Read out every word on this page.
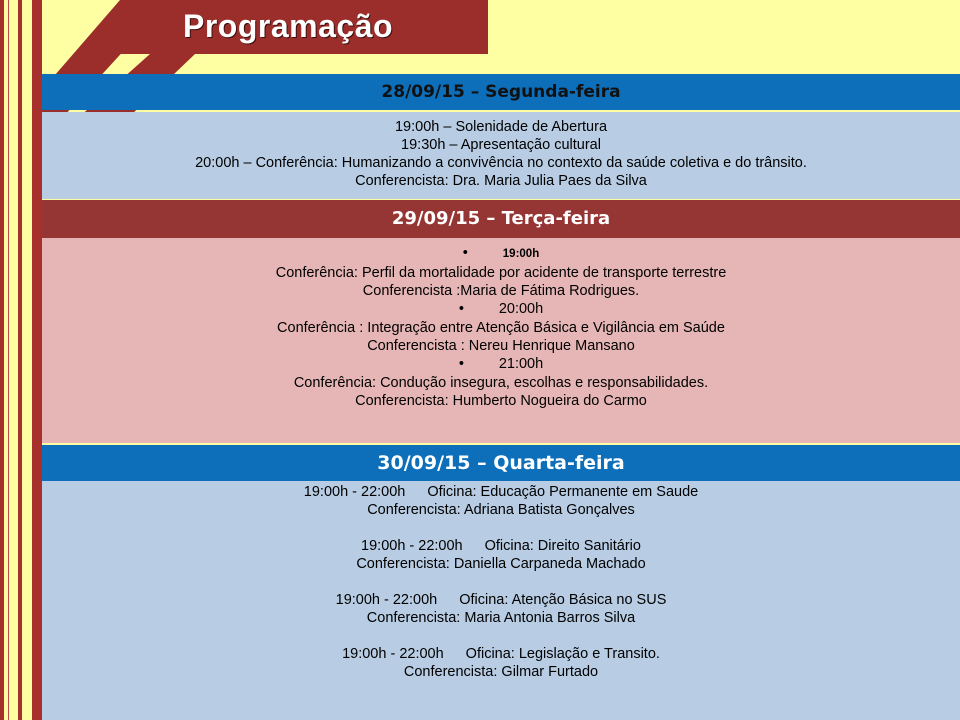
Programação
28/09/15 – Segunda-feira
19:00h – Solenidade de Abertura
19:30h – Apresentação cultural
20:00h – Conferência: Humanizando a convivência no contexto da saúde coletiva e do trânsito.
Conferencista: Dra. Maria Julia Paes da Silva
29/09/15 – Terça-feira
•	19:00h
Conferência: Perfil da mortalidade por acidente de transporte terrestre
Conferencista :Maria de Fátima Rodrigues.
• 20:00h
Conferência : Integração entre Atenção Básica e Vigilância em Saúde
Conferencista : Nereu Henrique Mansano
• 21:00h
Conferência: Condução insegura, escolhas e responsabilidades.
Conferencista: Humberto Nogueira do Carmo
30/09/15 – Quarta-feira
19:00h - 22:00h Oficina: Educação Permanente em Saude
Conferencista: Adriana Batista Gonçalves
19:00h - 22:00h Oficina: Direito Sanitário
Conferencista: Daniella Carpaneda Machado
19:00h - 22:00h Oficina: Atenção Básica no SUS
Conferencista: Maria Antonia Barros Silva
19:00h - 22:00h Oficina: Legislação e Transito.
Conferencista: Gilmar Furtado
